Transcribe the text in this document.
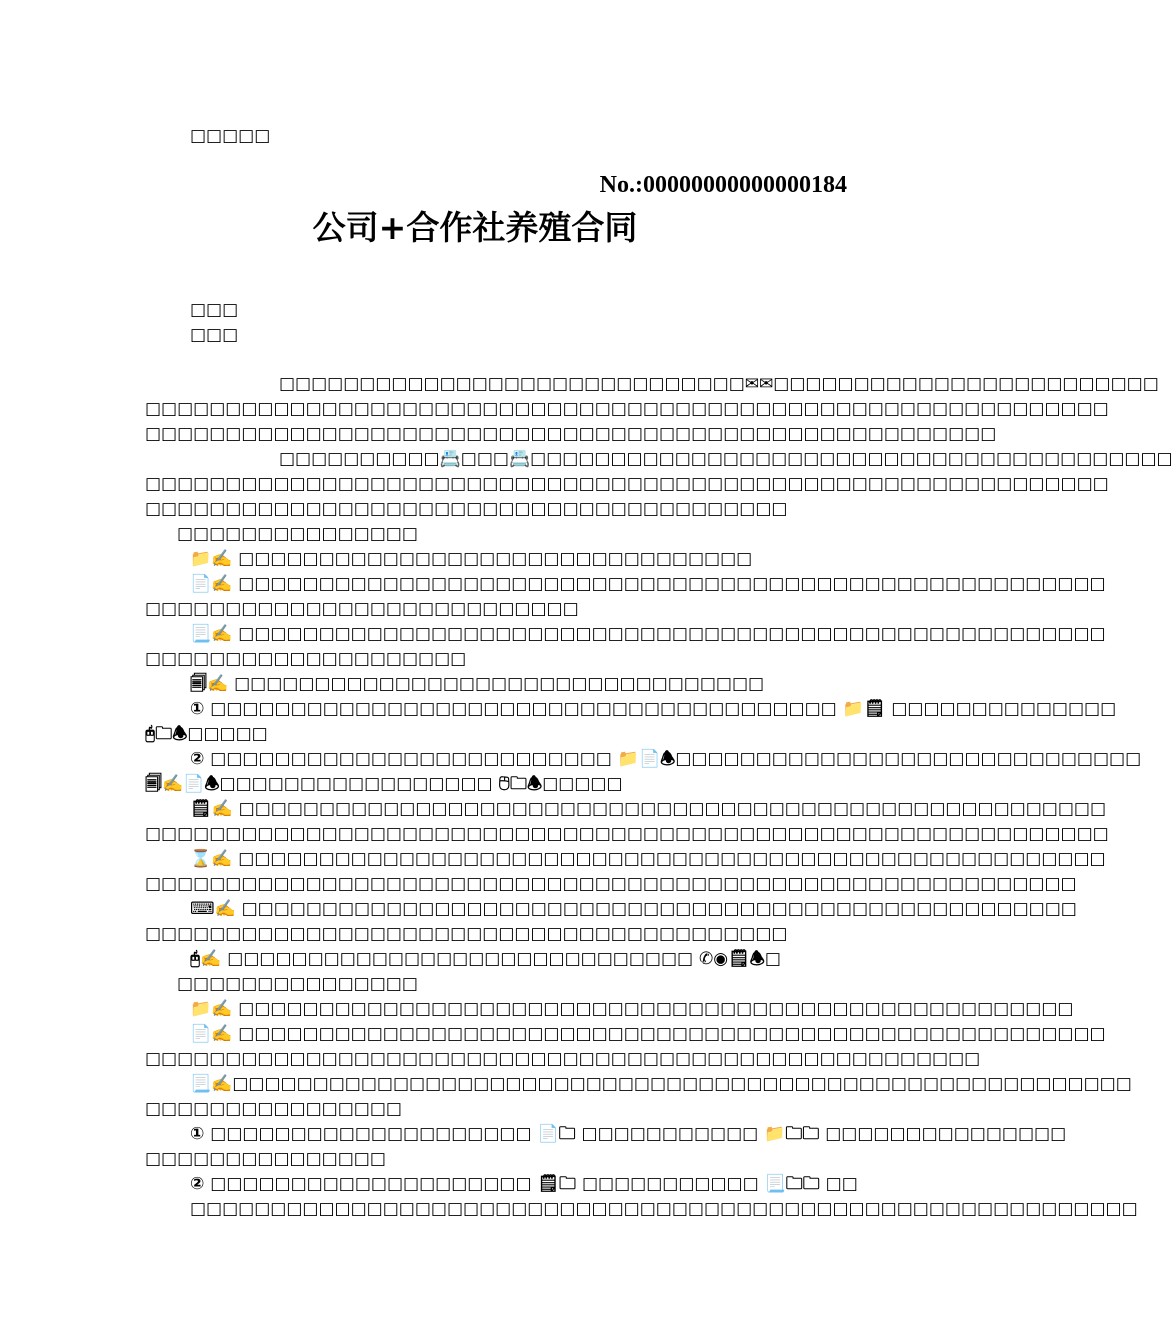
□□□□□
No.:00000000000000184
公司+合作社养殖合同
□□□
□□□

□□□□□□□□□□□□□□□□□□□□□□□□□□□□□✉✉□□□□□□□□□□□□□□□□□□□□□□□□

□□□□□□□□□□□□□□□□□□□□□□□□□□□□□□□□□□□□□□□□□□□□□□□□□□□□□□□□□□□□

□□□□□□□□□□□□□□□□□□□□□□□□□□□□□□□□□□□□□□□□□□□□□□□□□□□□□

□□□□□□□□□□📇□□□📇□□□□□□□□□□□□□□□□□□□□□□□□□□□□□□□□□□□□□□□□

□□□□□□□□□□□□□□□□□□□□□□□□□□□□□□□□□□□□□□□□□□□□□□□□□□□□□□□□□□□□

□□□□□□□□□□□□□□□□□□□□□□□□□□□□□□□□□□□□□□□□

□□□□□□□□□□□□□□□

📁✍️ □□□□□□□□□□□□□□□□□□□□□□□□□□□□□□□□

📄✍️ □□□□□□□□□□□□□□□□□□□□□□□□□□□□□□□□□□□□□□□□□□□□□□□□□□□□□□

□□□□□□□□□□□□□□□□□□□□□□□□□□□

📃✍️ □□□□□□□□□□□□□□□□□□□□□□□□□□□□□□□□□□□□□□□□□□□□□□□□□□□□□□

□□□□□□□□□□□□□□□□□□□□

🗐✍️ □□□□□□□□□□□□□□□□□□□□□□□□□□□□□□□□□

① □□□□□□□□□□□□□□□□□□□□□□□□□□□□□□□□□□□□□□□ 📁🗒 □□□□□□□□□□□□□□

🖰🗀🕭□□□□□

② □□□□□□□□□□□□□□□□□□□□□□□□□ 📁📄🕭□□□□□□□□□□□□□□□□□□□□□□□□□□□□□

🗐✍️📄🕭□□□□□□□□□□□□□□□□□ 🖰🗀🕭□□□□□

🗒✍️ □□□□□□□□□□□□□□□□□□□□□□□□□□□□□□□□□□□□□□□□□□□□□□□□□□□□□□

□□□□□□□□□□□□□□□□□□□□□□□□□□□□□□□□□□□□□□□□□□□□□□□□□□□□□□□□□□□□

⌛✍️ □□□□□□□□□□□□□□□□□□□□□□□□□□□□□□□□□□□□□□□□□□□□□□□□□□□□□□

□□□□□□□□□□□□□□□□□□□□□□□□□□□□□□□□□□□□□□□□□□□□□□□□□□□□□□□□□□

⌨✍️ □□□□□□□□□□□□□□□□□□□□□□□□□□□□□□□□□□□□□□□□□□□□□□□□□□□□

□□□□□□□□□□□□□□□□□□□□□□□□□□□□□□□□□□□□□□□□

🖰✍️ □□□□□□□□□□□□□□□□□□□□□□□□□□□□□ ✆◉🗒🕭□

□□□□□□□□□□□□□□□

📁✍️ □□□□□□□□□□□□□□□□□□□□□□□□□□□□□□□□□□□□□□□□□□□□□□□□□□□□

📄✍️ □□□□□□□□□□□□□□□□□□□□□□□□□□□□□□□□□□□□□□□□□□□□□□□□□□□□□□

□□□□□□□□□□□□□□□□□□□□□□□□□□□□□□□□□□□□□□□□□□□□□□□□□□□□

📃✍️□□□□□□□□□□□□□□□□□□□□□□□□□□□□□□□□□□□□□□□□□□□□□□□□□□□□□□□□

□□□□□□□□□□□□□□□□

① □□□□□□□□□□□□□□□□□□□□ 📄🗀 □□□□□□□□□□□ 📁🗀🗀 □□□□□□□□□□□□□□□

□□□□□□□□□□□□□□□

② □□□□□□□□□□□□□□□□□□□□ 🗒🗀 □□□□□□□□□□□ 📃🗀🗀 □□

□□□□□□□□□□□□□□□□□□□□□□□□□□□□□□□□□□□□□□□□□□□□□□□□□□□□□□□□□□□
